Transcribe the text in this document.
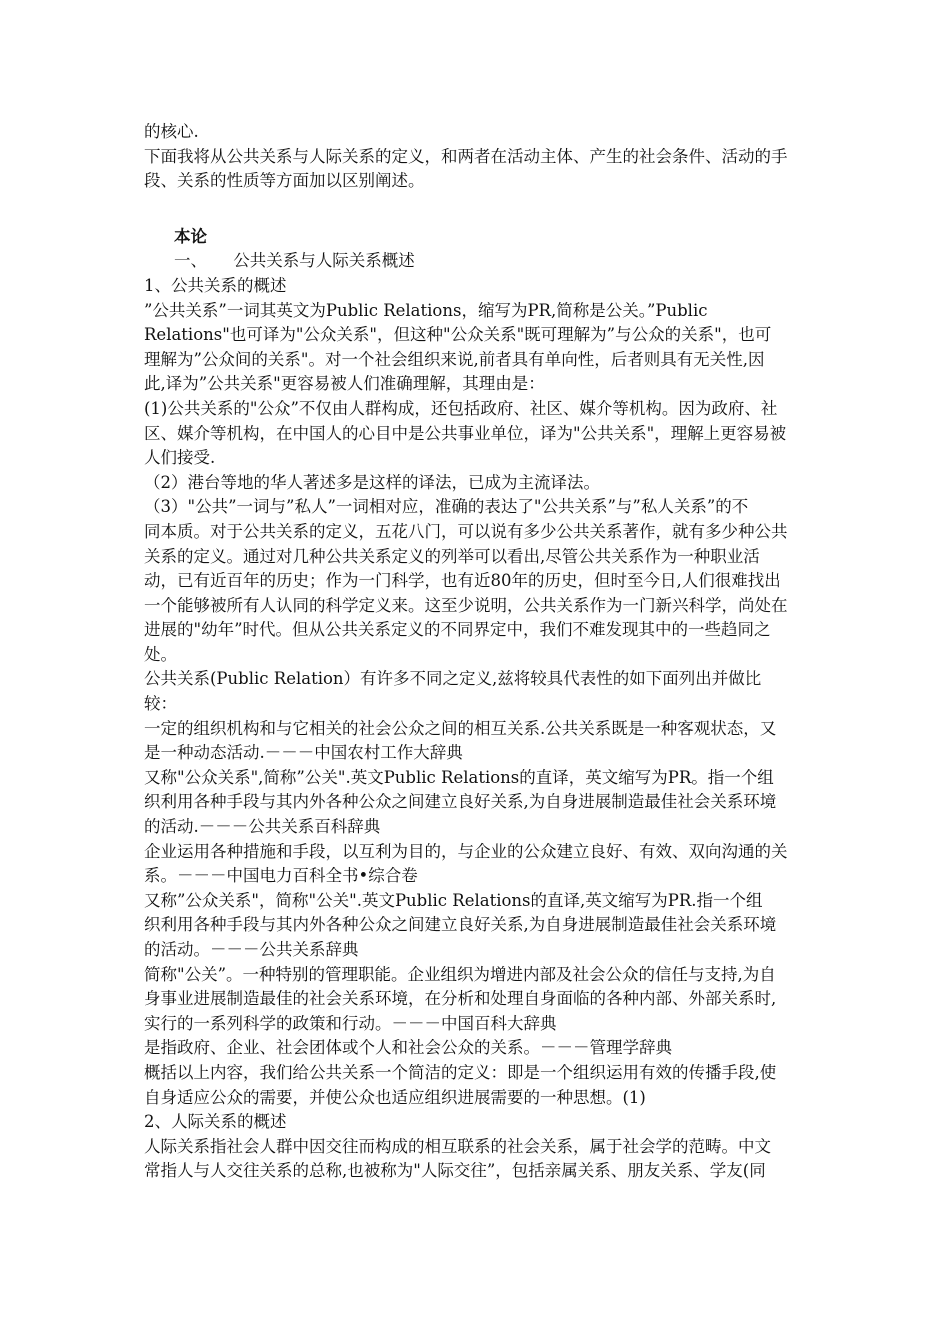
的核心.
下面我将从公共关系与人际关系的定义，和两者在活动主体、产生的社会条件、活动的手
段、关系的性质等方面加以区别阐述。
本论
一、     公共关系与人际关系概述
1、公共关系的概述
”公共关系”一词其英文为Public Relations，缩写为PR,简称是公关。”Public
Relations"也可译为"公众关系"，但这种"公众关系"既可理解为”与公众的关系"，也可
理解为”公众间的关系"。对一个社会组织来说,前者具有单向性，后者则具有无关性,因
此,译为”公共关系"更容易被人们准确理解，其理由是：
(1)公共关系的"公众”不仅由人群构成，还包括政府、社区、媒介等机构。因为政府、社
区、媒介等机构，在中国人的心目中是公共事业单位，译为"公共关系"，理解上更容易被
人们接受.
（2）港台等地的华人著述多是这样的译法，已成为主流译法。
（3）"公共”一词与”私人”一词相对应，准确的表达了"公共关系”与”私人关系”的不
同本质。对于公共关系的定义，五花八门，可以说有多少公共关系著作，就有多少种公共
关系的定义。通过对几种公共关系定义的列举可以看出,尽管公共关系作为一种职业活
动，已有近百年的历史；作为一门科学，也有近80年的历史，但时至今日,人们很难找出
一个能够被所有人认同的科学定义来。这至少说明，公共关系作为一门新兴科学，尚处在
进展的"幼年”时代。但从公共关系定义的不同界定中，我们不难发现其中的一些趋同之
处。
公共关系(Public Relation）有许多不同之定义,兹将较具代表性的如下面列出并做比
较：
一定的组织机构和与它相关的社会公众之间的相互关系.公共关系既是一种客观状态，又
是一种动态活动.－－－中国农村工作大辞典
又称"公众关系",简称”公关".英文Public Relations的直译，英文缩写为PR。指一个组
织利用各种手段与其内外各种公众之间建立良好关系,为自身进展制造最佳社会关系环境
的活动.－－－公共关系百科辞典
企业运用各种措施和手段，以互利为目的，与企业的公众建立良好、有效、双向沟通的关
系。－－－中国电力百科全书•综合卷
又称”公众关系"，简称"公关".英文Public Relations的直译,英文缩写为PR.指一个组
织利用各种手段与其内外各种公众之间建立良好关系,为自身进展制造最佳社会关系环境
的活动。－－－公共关系辞典
简称"公关”。一种特别的管理职能。企业组织为增进内部及社会公众的信任与支持,为自
身事业进展制造最佳的社会关系环境，在分析和处理自身面临的各种内部、外部关系时,
实行的一系列科学的政策和行动。－－－中国百科大辞典
是指政府、企业、社会团体或个人和社会公众的关系。－－－管理学辞典
概括以上内容，我们给公共关系一个简洁的定义：即是一个组织运用有效的传播手段,使
自身适应公众的需要，并使公众也适应组织进展需要的一种思想。(1)
2、人际关系的概述
人际关系指社会人群中因交往而构成的相互联系的社会关系，属于社会学的范畴。中文
常指人与人交往关系的总称,也被称为"人际交往”，包括亲属关系、朋友关系、学友(同
